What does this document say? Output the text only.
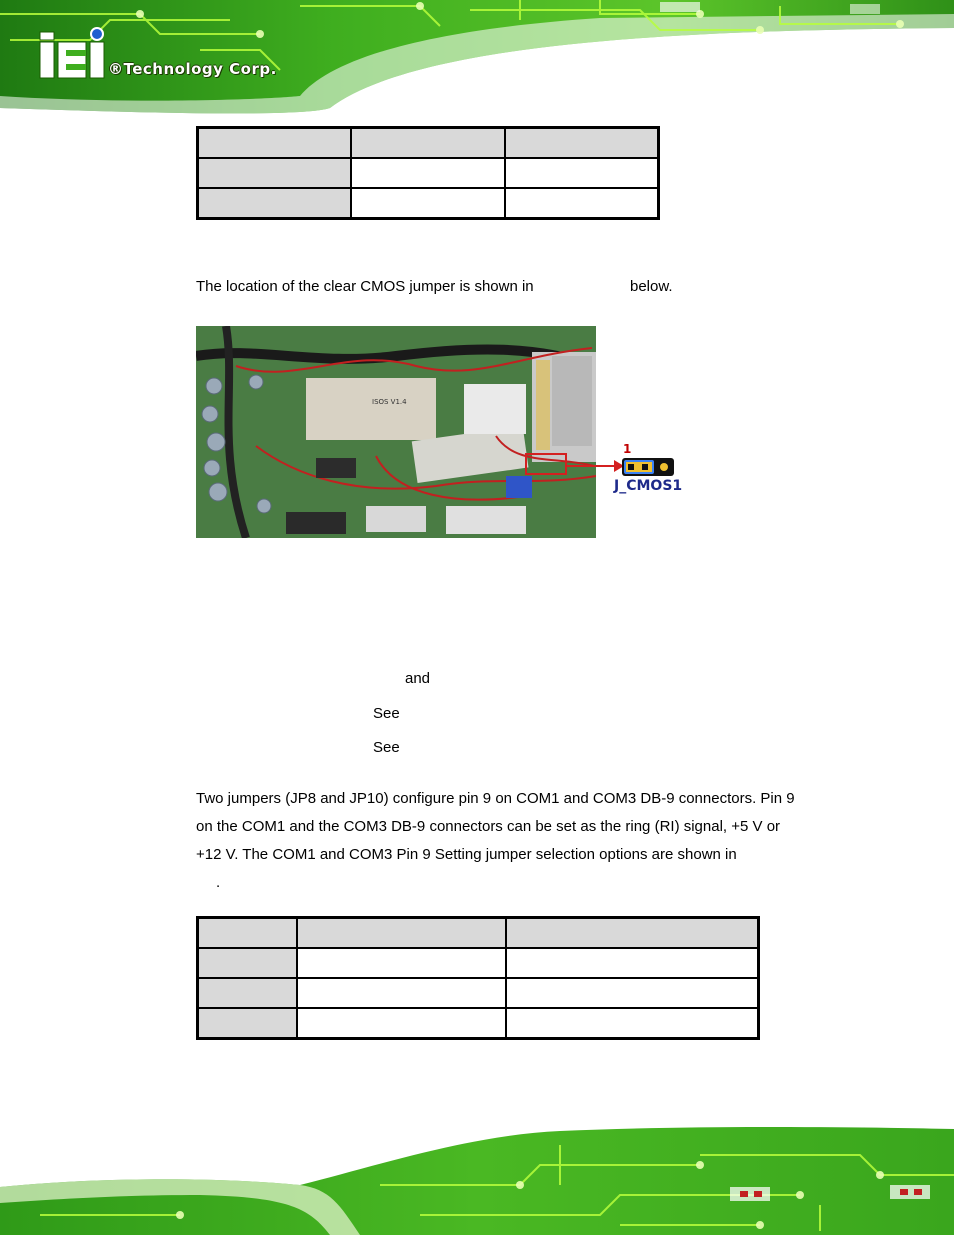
®Technology Corp.

The location of the clear CMOS jumper is shown in	below.

ISOS V1.4
1
J_CMOS1

and

See

See

Two jumpers (JP8 and JP10) configure pin 9 on COM1 and COM3 DB-9 connectors. Pin 9

on the COM1 and the COM3 DB-9 connectors can be set as the ring (RI) signal, +5 V or

+12 V. The COM1 and COM3 Pin 9 Setting jumper selection options are shown in

.
